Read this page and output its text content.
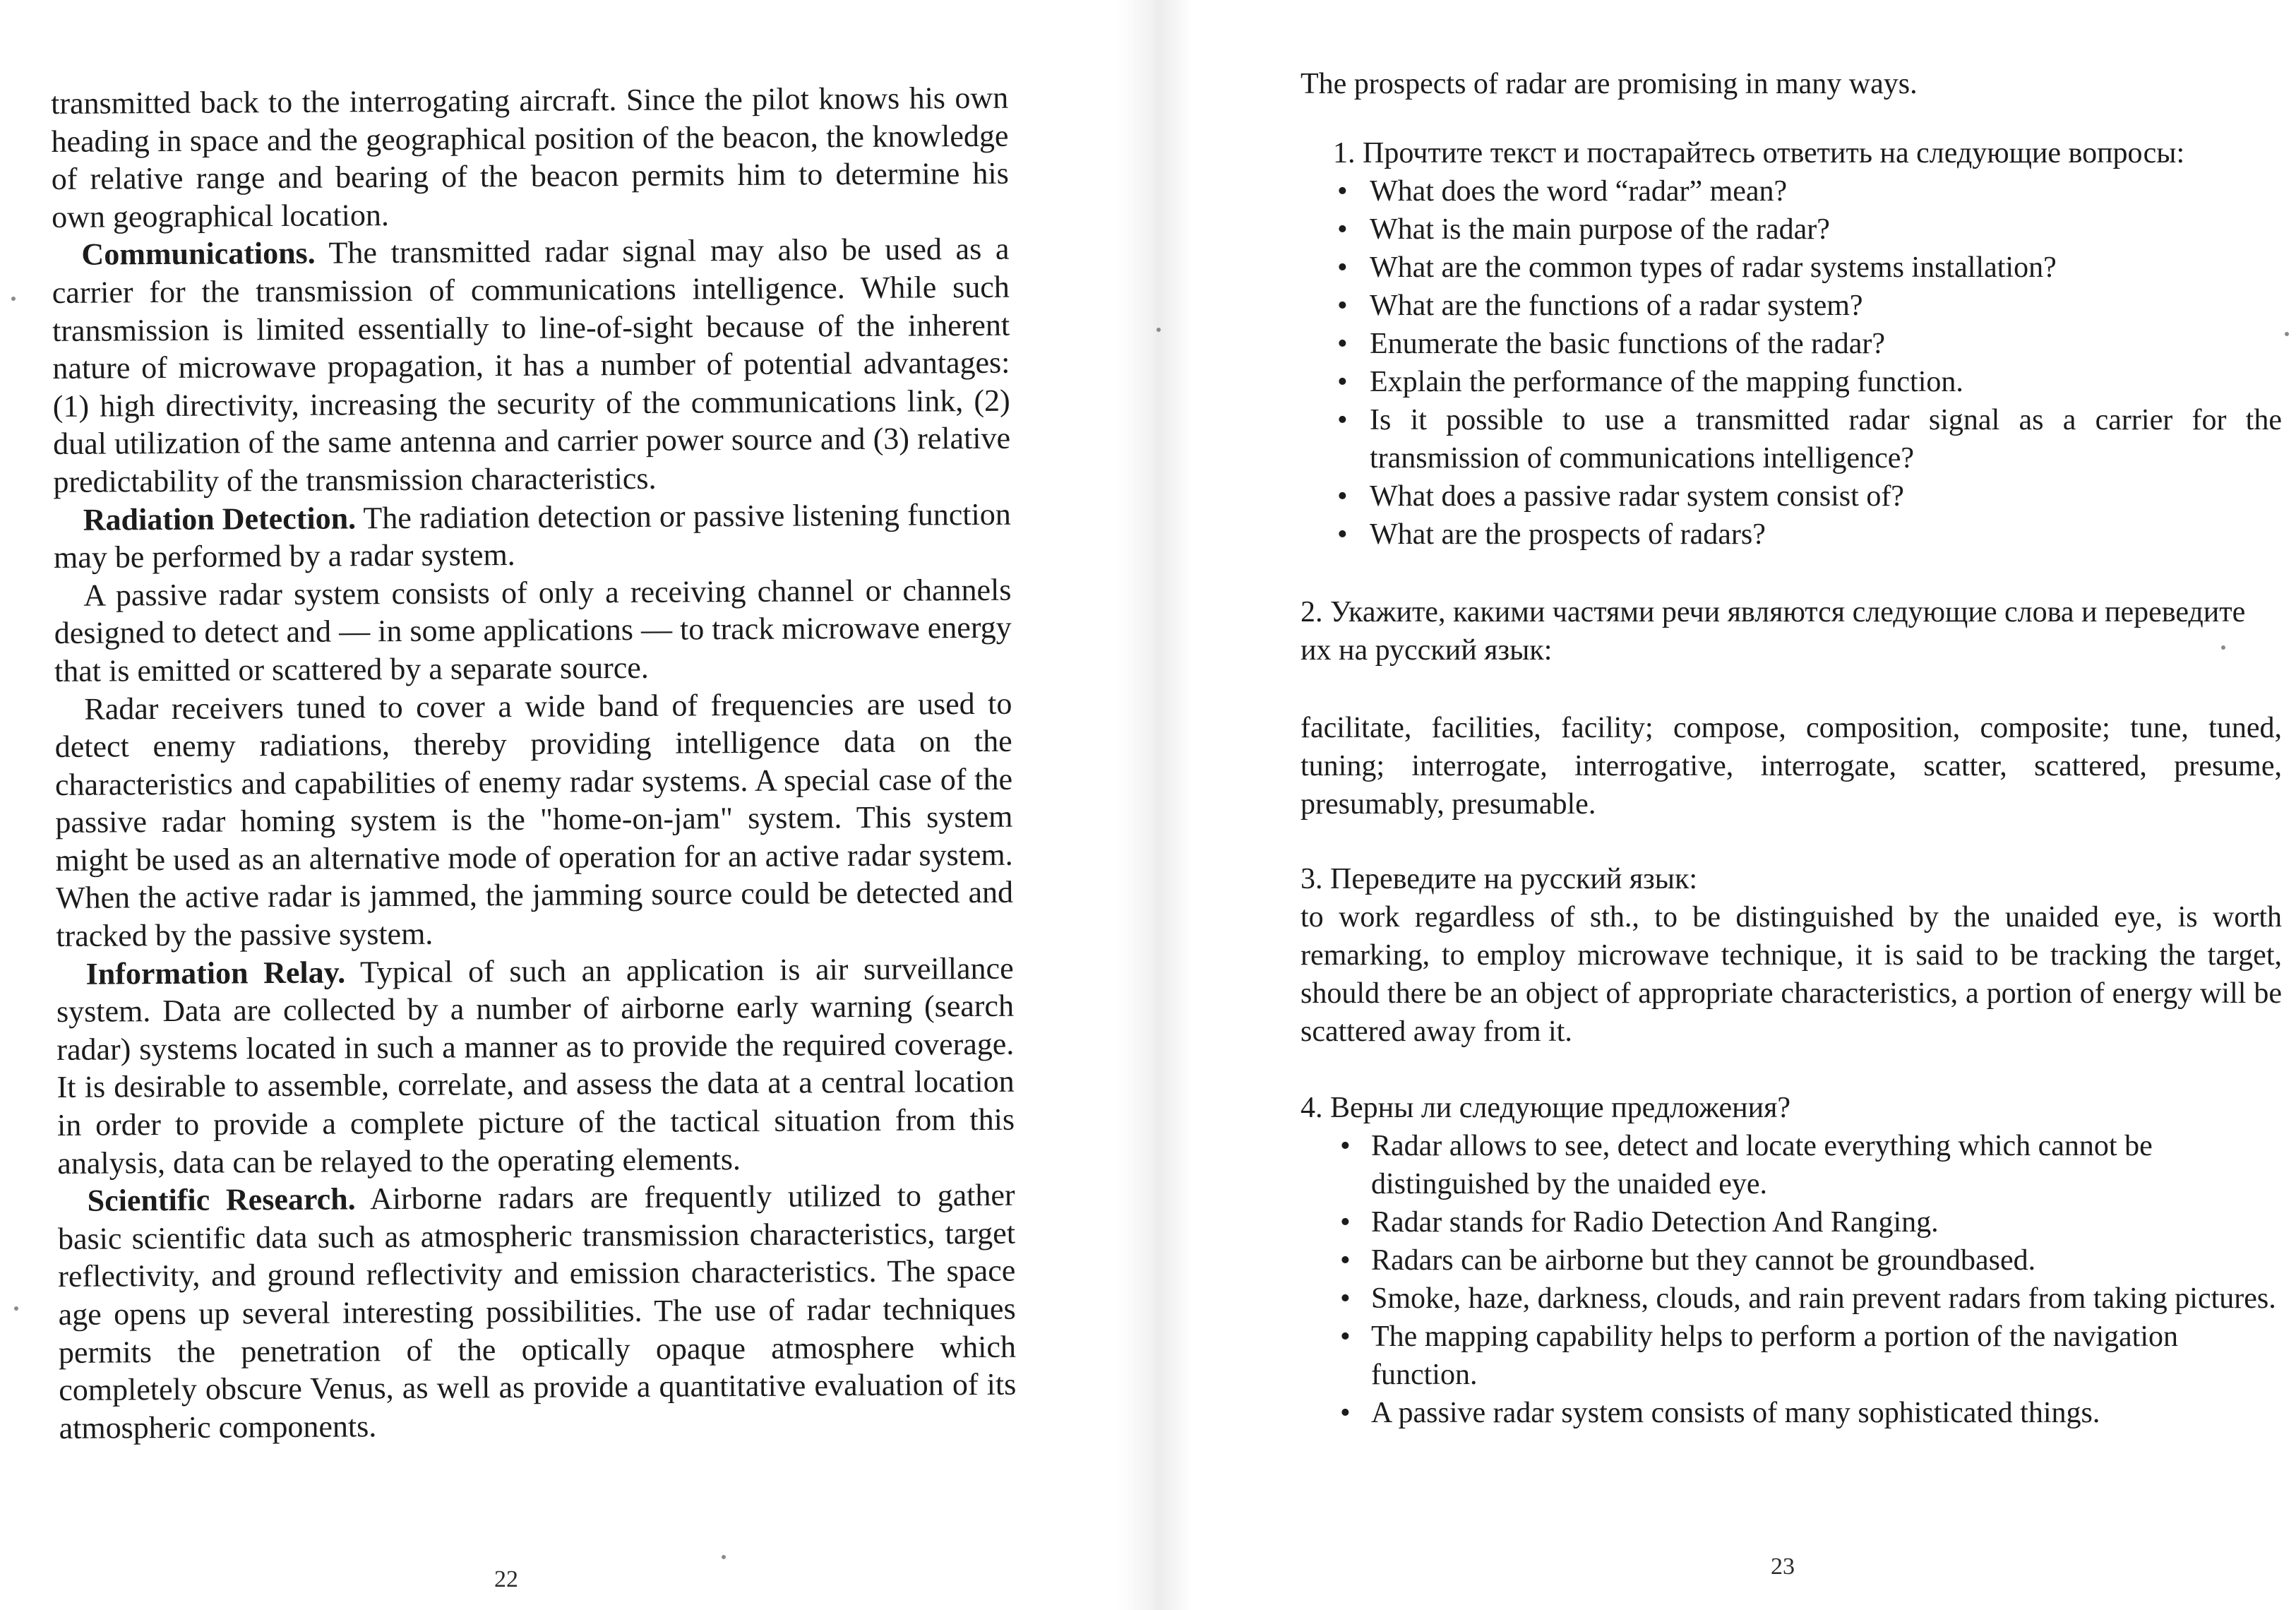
transmitted back to the interrogating aircraft. Since the pilot knows his own heading in space and the geographical position of the beacon, the knowledge of relative range and bearing of the beacon permits him to determine his own geographical location.

Communications. The transmitted radar signal may also be used as a carrier for the transmission of communications intelligence. While such transmission is limited essentially to line-of-sight because of the inherent nature of microwave propagation, it has a number of potential advantages: (1) high directivity, increasing the security of the communications link, (2) dual utilization of the same antenna and carrier power source and (3) relative predictability of the transmission characteristics.

Radiation Detection. The radiation detection or passive listening function may be performed by a radar system.

A passive radar system consists of only a receiving channel or channels designed to detect and — in some applications — to track microwave energy that is emitted or scattered by a separate source.

Radar receivers tuned to cover a wide band of frequencies are used to detect enemy radiations, thereby providing intelligence data on the characteristics and capabilities of enemy radar systems. A special case of the passive radar homing system is the "home-on-jam" system. This system might be used as an alternative mode of operation for an active radar system. When the active radar is jammed, the jamming source could be detected and tracked by the passive system.

Information Relay. Typical of such an application is air surveillance system. Data are collected by a number of airborne early warning (search radar) systems located in such a manner as to provide the required coverage. It is desirable to assemble, correlate, and assess the data at a central location in order to provide a complete picture of the tactical situation from this analysis, data can be relayed to the operating elements.

Scientific Research. Airborne radars are frequently utilized to gather basic scientific data such as atmospheric transmission characteristics, target reflectivity, and ground reflectivity and emission characteristics. The space age opens up several interesting possibilities. The use of radar techniques permits the penetration of the optically opaque atmosphere which completely obscure Venus, as well as provide a quantitative evaluation of its atmospheric components.

22

The prospects of radar are promising in many ways.

1. Прочтите текст и постарайтесь ответить на следующие вопросы:

• What does the word “radar” mean?
• What is the main purpose of the radar?
• What are the common types of radar systems installation?
• What are the functions of a radar system?
• Enumerate the basic functions of the radar?
• Explain the performance of the mapping function.
• Is it possible to use a transmitted radar signal as a carrier for the transmission of communications intelligence?
• What does a passive radar system consist of?
• What are the prospects of radars?

2. Укажите, какими частями речи являются следующие слова и переведите их на русский язык:

facilitate, facilities, facility; compose, composition, composite; tune, tuned, tuning; interrogate, interrogative, interrogate, scatter, scattered, presume, presumably, presumable.

3. Переведите на русский язык:

to work regardless of sth., to be distinguished by the unaided eye, is worth remarking, to employ microwave technique, it is said to be tracking the target, should there be an object of appropriate characteristics, a portion of energy will be scattered away from it.

4. Верны ли следующие предложения?

• Radar allows to see, detect and locate everything which cannot be distinguished by the unaided eye.
• Radar stands for Radio Detection And Ranging.
• Radars can be airborne but they cannot be groundbased.
• Smoke, haze, darkness, clouds, and rain prevent radars from taking pictures.
• The mapping capability helps to perform a portion of the navigation function.
• A passive radar system consists of many sophisticated things.
23
